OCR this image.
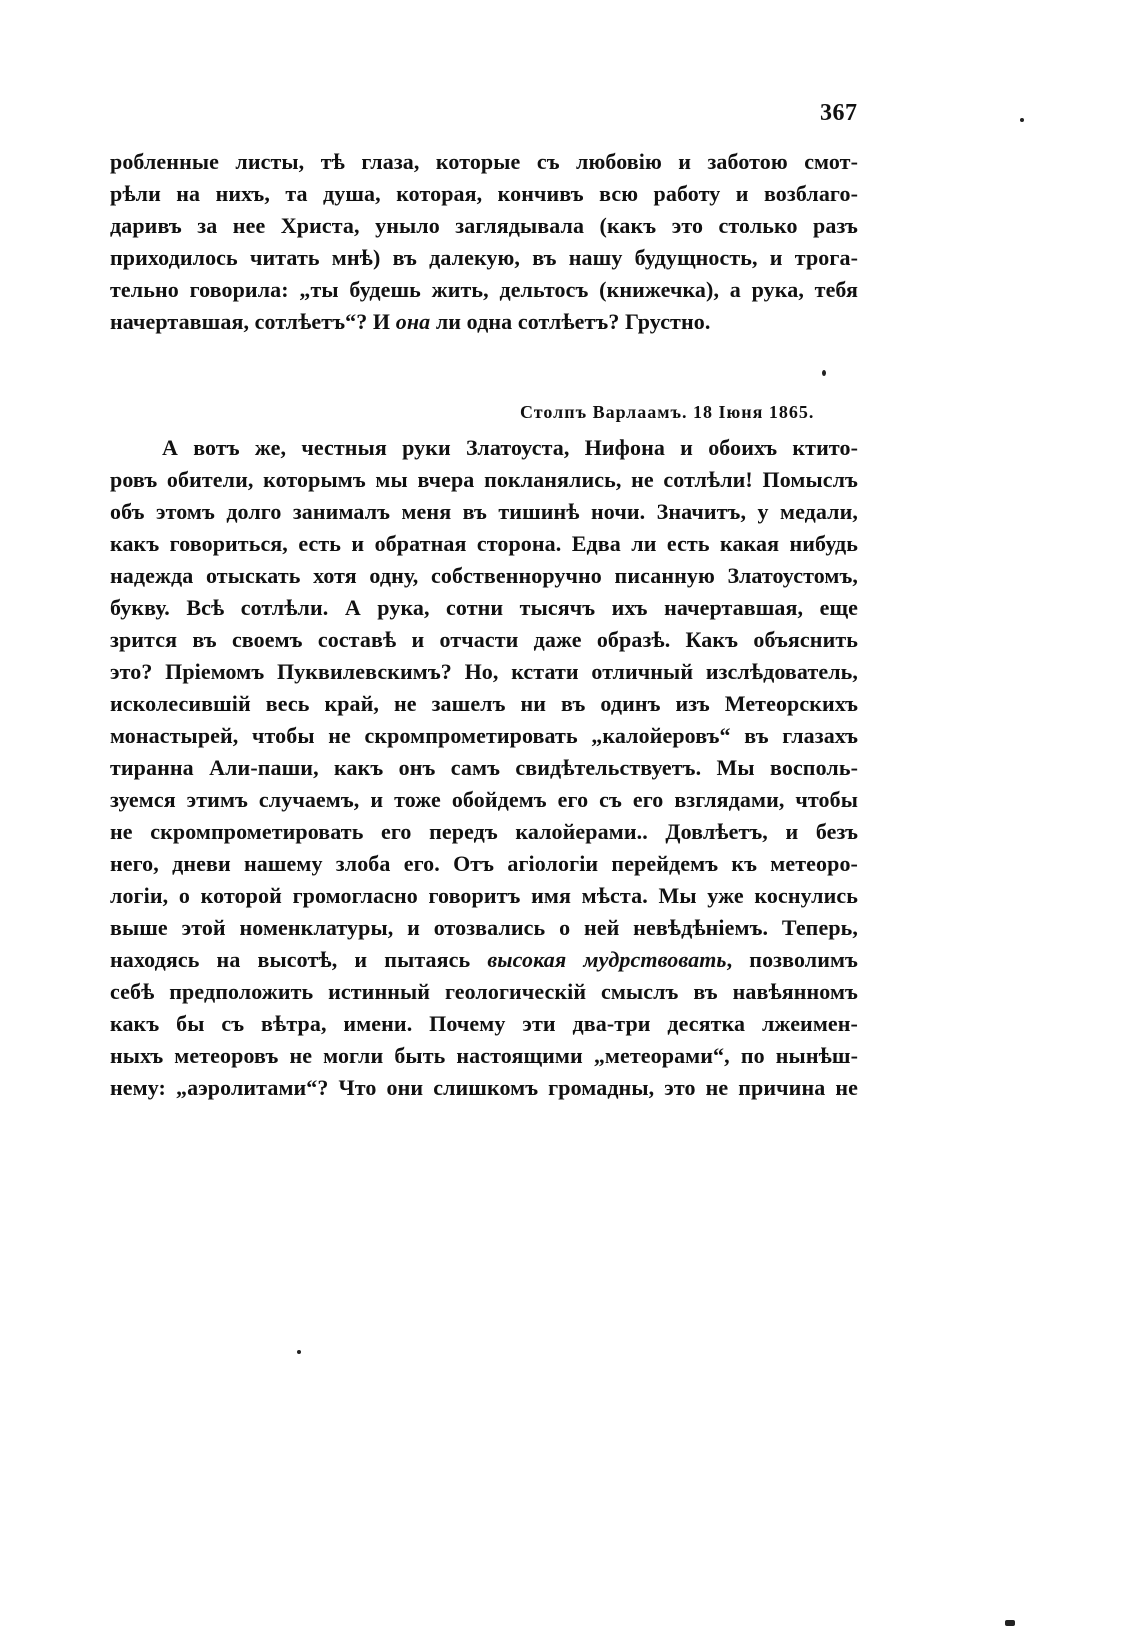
367
робленные листы, тѣ глаза, которые съ любовiю и заботою смот-
рѣли на нихъ, та душа, которая, кончивъ всю работу и возблаго-
даривъ за нее Христа, уныло заглядывала (какъ это столько разъ
приходилось читать мнѣ) въ далекую, въ нашу будущность, и трога-
тельно говорила: „ты будешь жить, дельтосъ (книжечка), а рука, тебя
начертавшая, сотлѣетъ“? И она ли одна сотлѣетъ? Грустно.
Столпъ Варлаамъ. 18 Iюня 1865.
А вотъ же, честныя руки Златоуста, Нифона и обоихъ ктито-
ровъ обители, которымъ мы вчера покланялись, не сотлѣли! Помыслъ
объ этомъ долго занималъ меня въ тишинѣ ночи. Значитъ, у медали,
какъ говориться, есть и обратная сторона. Едва ли есть какая нибудь
надежда отыскать хотя одну, собственноручно писанную Златоустомъ,
букву. Всѣ сотлѣли. А рука, сотни тысячъ ихъ начертавшая, еще
зрится въ своемъ составѣ и отчасти даже образѣ. Какъ объяснить
это? Прiемомъ Пуквилевскимъ? Но, кстати отличный изслѣдователь,
исколесившiй весь край, не зашелъ ни въ одинъ изъ Метеорскихъ
монастырей, чтобы не скромпрометировать „калойеровъ“ въ глазахъ
тиранна Али-паши, какъ онъ самъ свидѣтельствуетъ. Мы восполь-
зуемся этимъ случаемъ, и тоже обойдемъ его съ его взглядами, чтобы
не скромпрометировать его передъ калойерами.. Довлѣетъ, и безъ
него, дневи нашему злоба его. Отъ агiологiи перейдемъ къ метеоро-
логiи, о которой громогласно говоритъ имя мѣста. Мы уже коснулись
выше этой номенклатуры, и отозвались о ней невѣдѣнiемъ. Теперь,
находясь на высотѣ, и пытаясь высокая мудрствовать, позволимъ
себѣ предположить истинный геологическiй смыслъ въ навѣянномъ
какъ бы съ вѣтра, имени. Почему эти два-три десятка лжеимен-
ныхъ метеоровъ не могли быть настоящими „метеорами“, по нынѣш-
нему: „аэролитами“? Что они слишкомъ громадны, это не причина не
